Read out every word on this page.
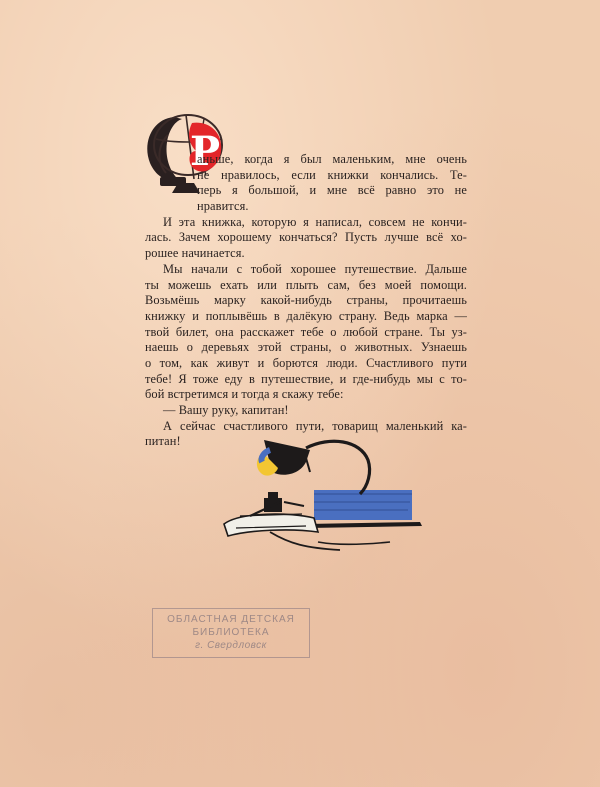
Р
аньше, когда я был маленьким, мне очень
не нравилось, если книжки кончались. Те-
перь я большой, и мне всё равно это не
нравится.
И эта книжка, которую я написал, совсем не кончи-
лась. Зачем хорошему кончаться? Пусть лучше всё хо-
рошее начинается.
Мы начали с тобой хорошее путешествие. Дальше
ты можешь ехать или плыть сам, без моей помощи.
Возьмёшь марку какой-нибудь страны, прочитаешь
книжку и поплывёшь в далёкую страну. Ведь марка —
твой билет, она расскажет тебе о любой стране. Ты уз-
наешь о деревьях этой страны, о животных. Узнаешь
о том, как живут и борются люди. Счастливого пути
тебе! Я тоже еду в путешествие, и где-нибудь мы с то-
бой встретимся и тогда я скажу тебе:
— Вашу руку, капитан!
А сейчас счастливого пути, товарищ маленький ка-
питан!
ОБЛАСТНАЯ ДЕТСКАЯ
БИБЛИОТЕКА
г. Свердловск
